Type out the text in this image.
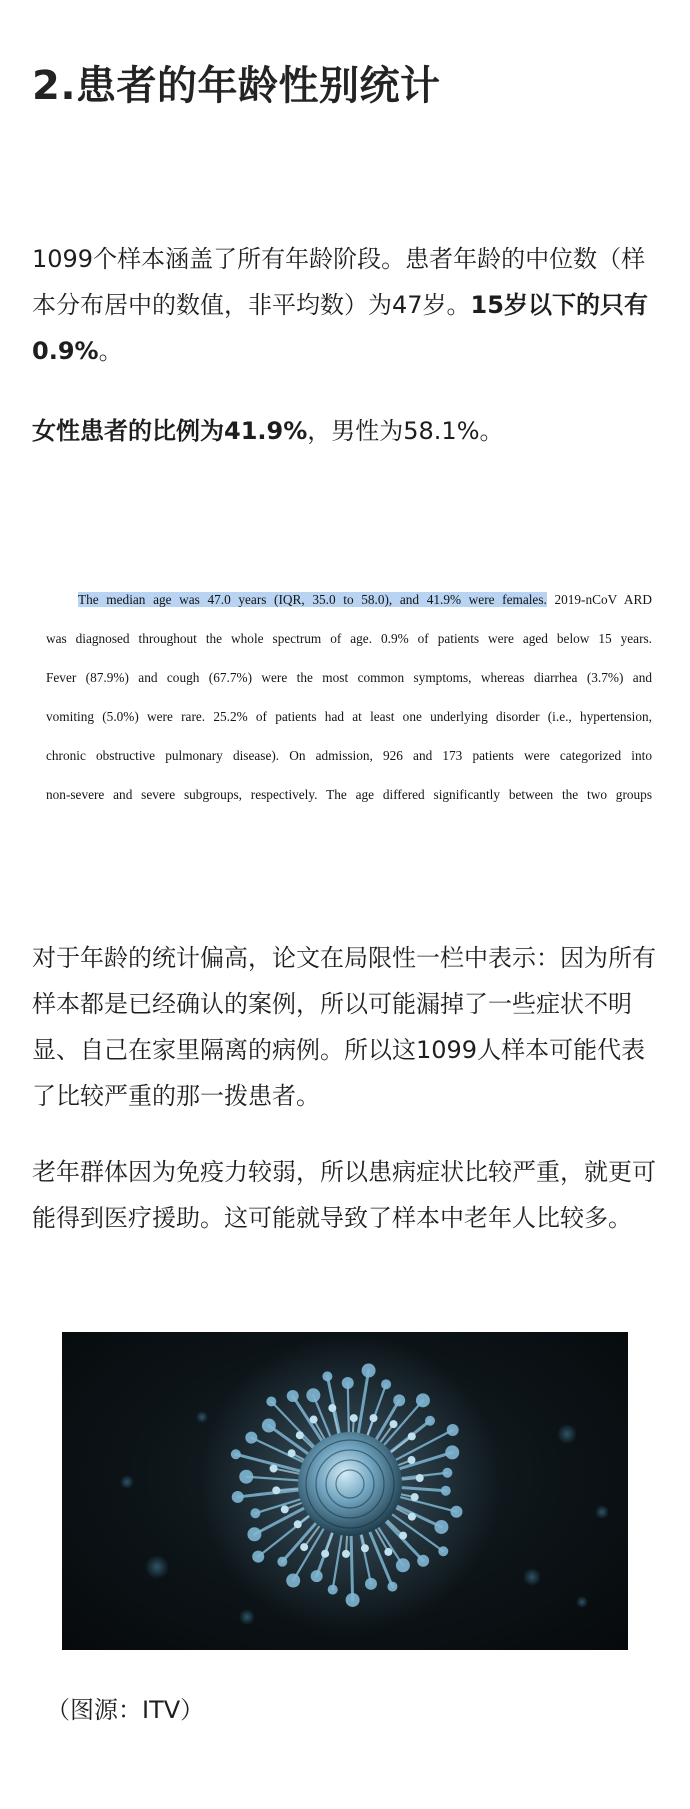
2.患者的年龄性别统计

1099个样本涵盖了所有年龄阶段。患者年龄的中位数（样本分布居中的数值，非平均数）为47岁。15岁以下的只有0.9%。

女性患者的比例为41.9%，男性为58.1%。

The median age was 47.0 years (IQR, 35.0 to 58.0), and 41.9% were females. 2019-nCoV ARD
was diagnosed throughout the whole spectrum of age. 0.9% of patients were aged below 15 years.
Fever (87.9%) and cough (67.7%) were the most common symptoms, whereas diarrhea (3.7%) and
vomiting (5.0%) were rare. 25.2% of patients had at least one underlying disorder (i.e., hypertension,
chronic obstructive pulmonary disease). On admission, 926 and 173 patients were categorized into
non-severe and severe subgroups, respectively. The age differed significantly between the two groups

对于年龄的统计偏高，论文在局限性一栏中表示：因为所有样本都是已经确认的案例，所以可能漏掉了一些症状不明显、自己在家里隔离的病例。所以这1099人样本可能代表了比较严重的那一拨患者。

老年群体因为免疫力较弱，所以患病症状比较严重，就更可能得到医疗援助。这可能就导致了样本中老年人比较多。

（图源：ITV）
